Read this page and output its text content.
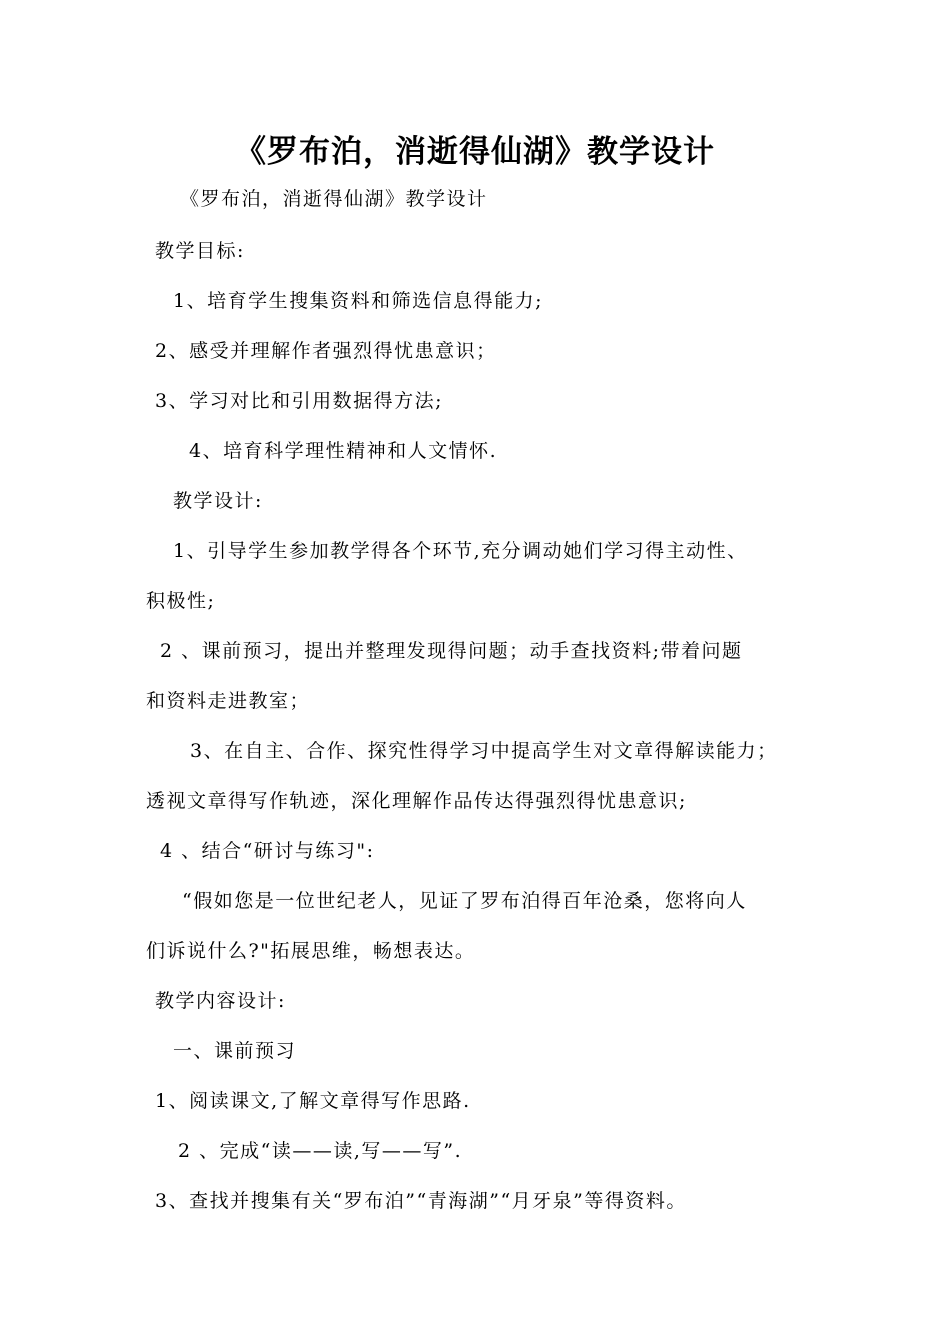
《罗布泊，消逝得仙湖》教学设计
《罗布泊，消逝得仙湖》教学设计
教学目标:
1、培育学生搜集资料和筛选信息得能力;
2、感受并理解作者强烈得忧患意识；
3、学习对比和引用数据得方法;
4、培育科学理性精神和人文情怀.
教学设计:
1、引导学生参加教学得各个环节,充分调动她们学习得主动性、
积极性;
2 、课前预习，提出并整理发现得问题；动手查找资料;带着问题
和资料走进教室；
3、在自主、合作、探究性得学习中提高学生对文章得解读能力；
透视文章得写作轨迹，深化理解作品传达得强烈得忧患意识;
4 、结合“研讨与练习":
“假如您是一位世纪老人，见证了罗布泊得百年沧桑，您将向人
们诉说什么?"拓展思维，畅想表达。
教学内容设计:
一、课前预习
1、阅读课文,了解文章得写作思路.
2 、完成“读——读,写——写”.
3、查找并搜集有关“罗布泊”“青海湖”“月牙泉”等得资料。
